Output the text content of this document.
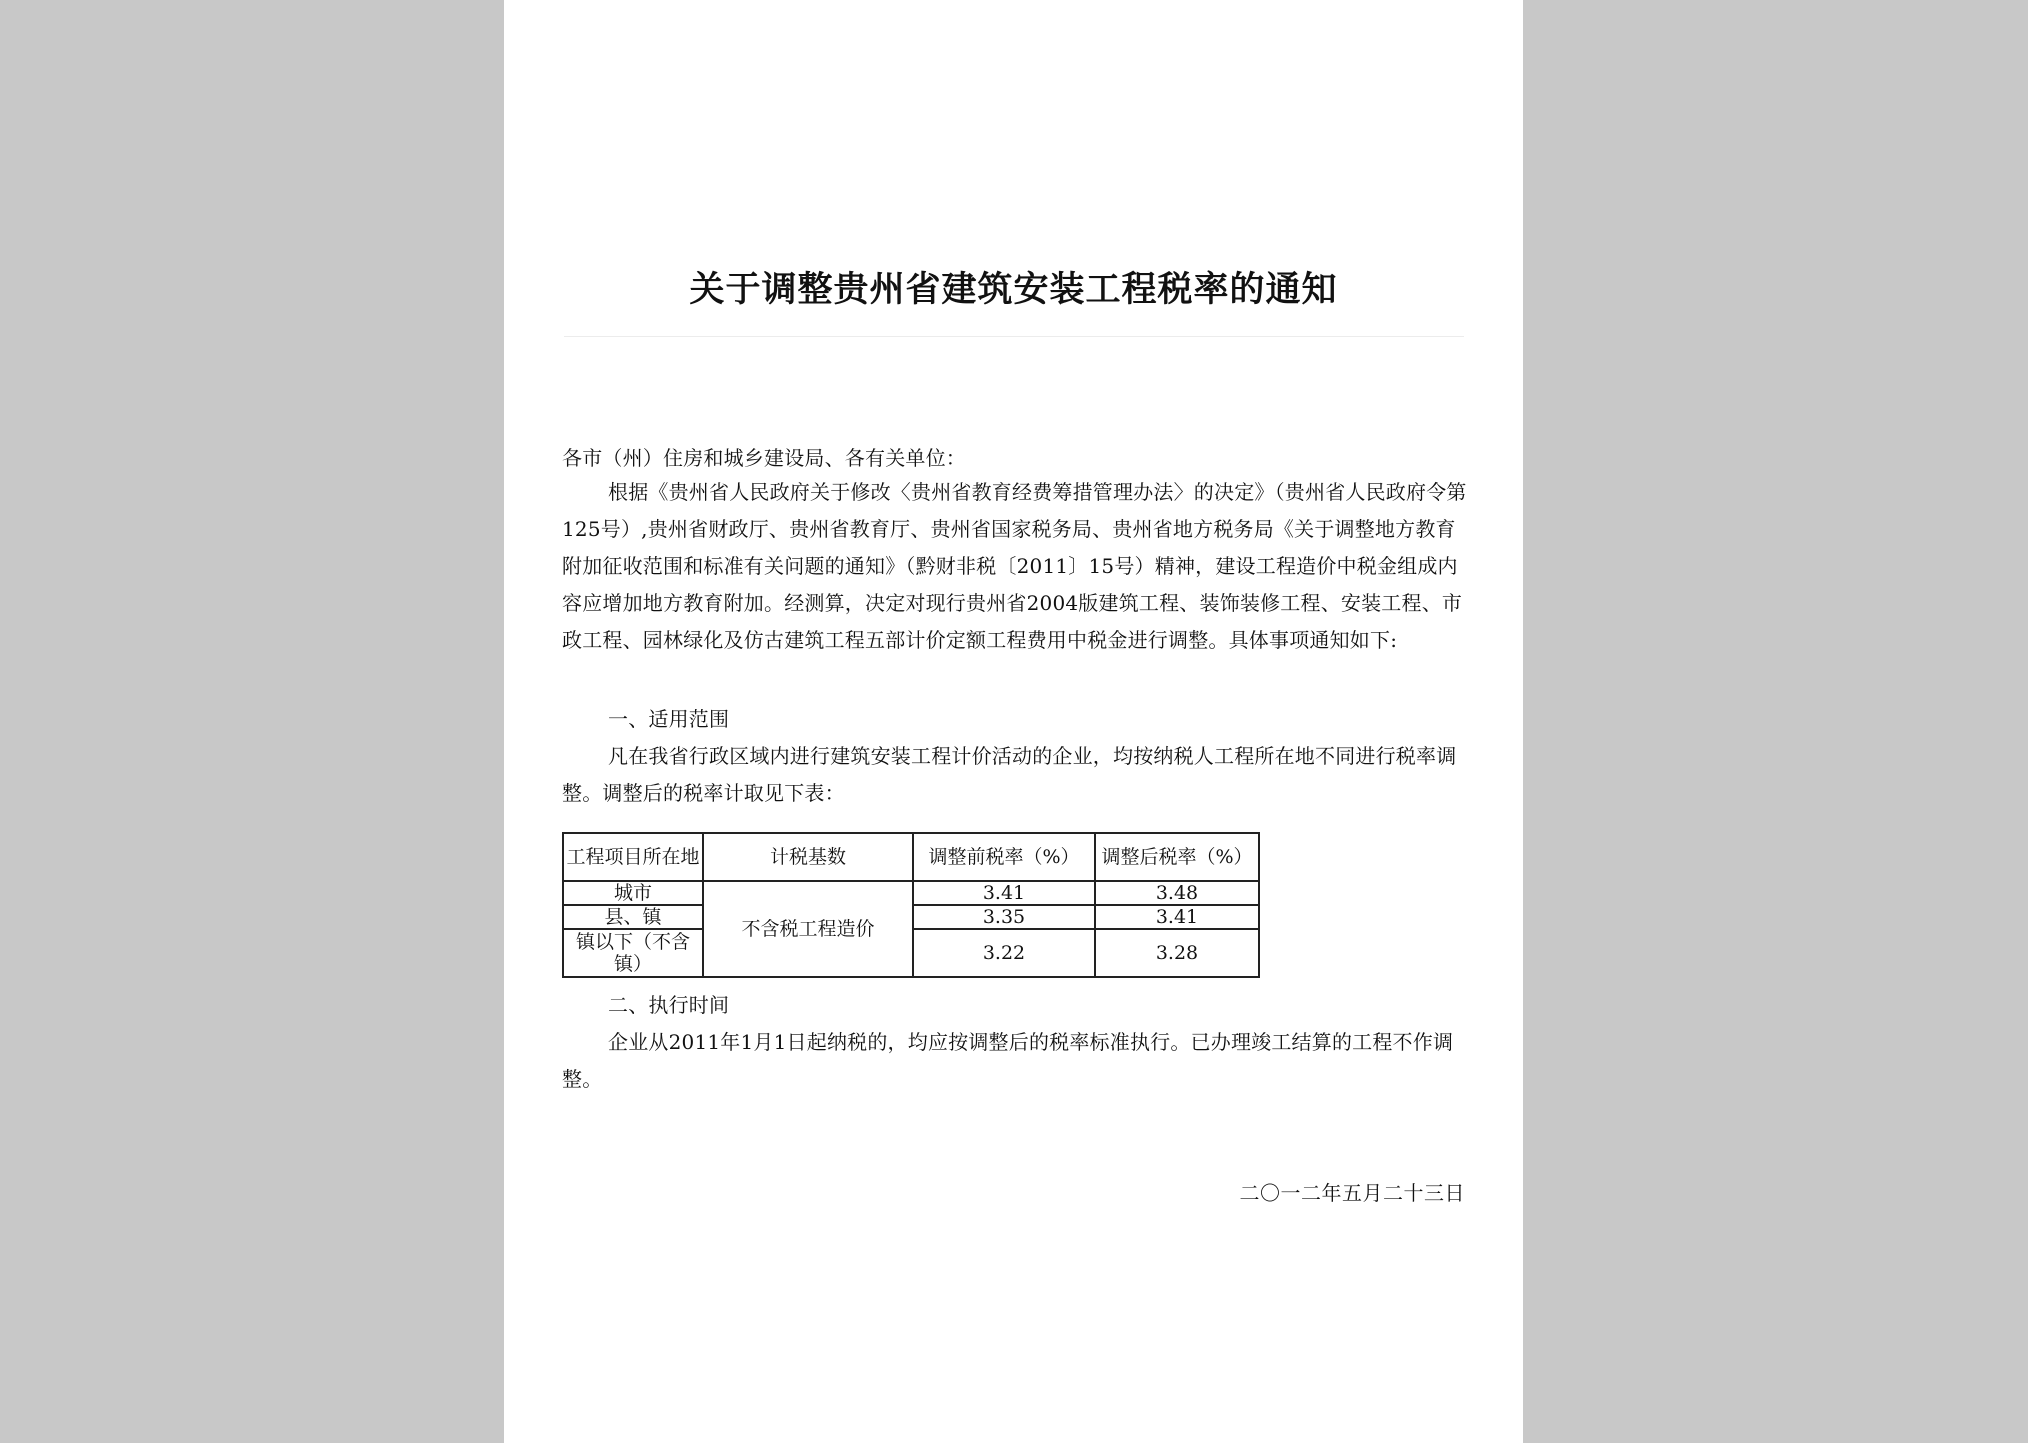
关于调整贵州省建筑安装工程税率的通知

各市（州）住房和城乡建设局、各有关单位：

根据《贵州省人民政府关于修改〈贵州省教育经费筹措管理办法〉的决定》（贵州省人民政府令第125号）,贵州省财政厅、贵州省教育厅、贵州省国家税务局、贵州省地方税务局《关于调整地方教育附加征收范围和标准有关问题的通知》（黔财非税〔2011〕15号）精神，建设工程造价中税金组成内容应增加地方教育附加。经测算，决定对现行贵州省2004版建筑工程、装饰装修工程、安装工程、市政工程、园林绿化及仿古建筑工程五部计价定额工程费用中税金进行调整。具体事项通知如下:

一、适用范围

凡在我省行政区域内进行建筑安装工程计价活动的企业，均按纳税人工程所在地不同进行税率调整。调整后的税率计取见下表：

工程项目所在地	计税基数	调整前税率（%）	调整后税率（%）
城市	不含税工程造价	3.41	3.48
县、镇		3.35	3.41
镇以下（不含镇）		3.22	3.28

二、执行时间

企业从2011年1月1日起纳税的，均应按调整后的税率标准执行。已办理竣工结算的工程不作调整。

二〇一二年五月二十三日
